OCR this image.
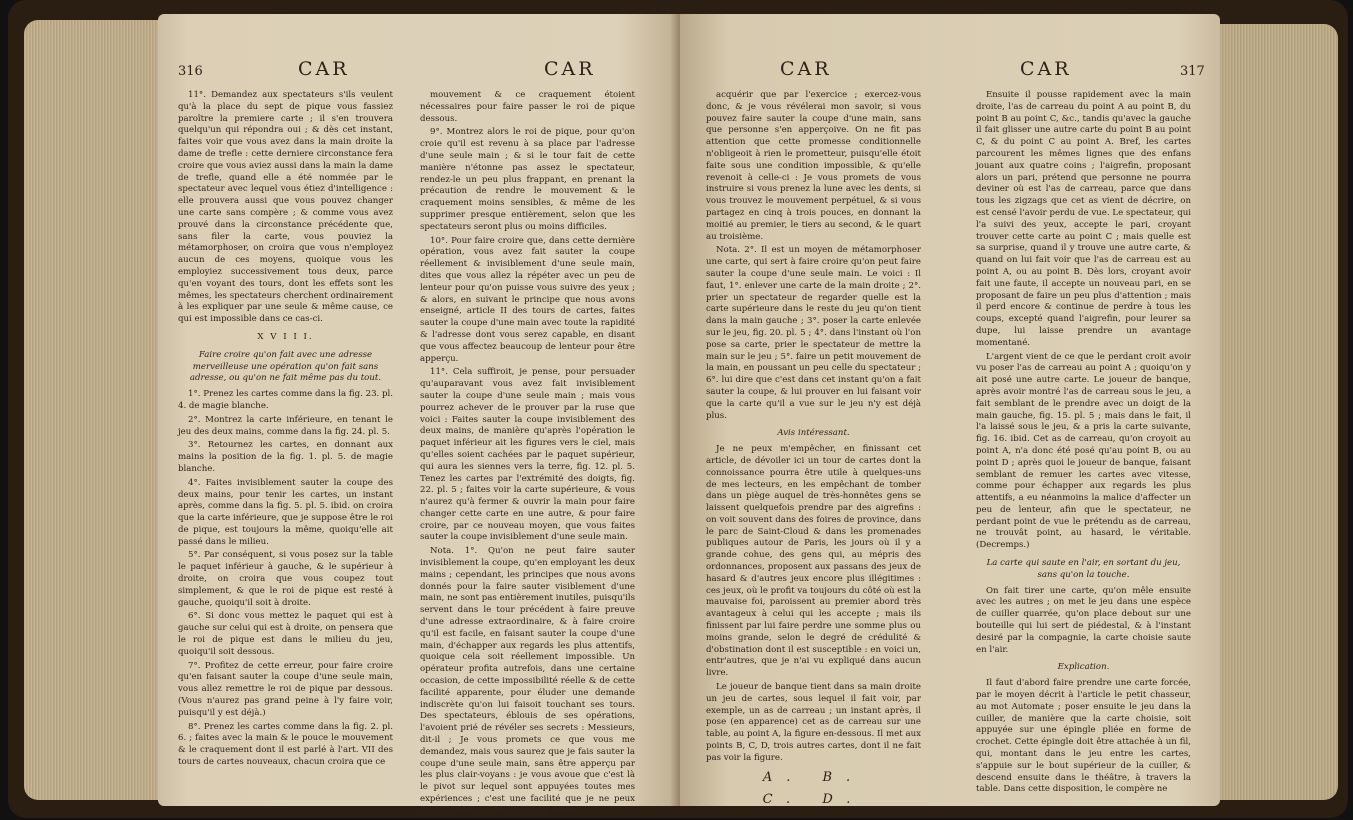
316	CAR	CAR

11°. Demandez aux spectateurs s'ils veulent qu'à la place du sept de pique vous fassiez paroître la premiere carte ; il s'en trouvera quelqu'un qui répondra oui ; & dès cet instant, faites voir que vous avez dans la main droite la dame de trefle : cette derniere circonstance fera croire que vous aviez aussi dans la main la dame de trefle, quand elle a été nommée par le spectateur avec lequel vous étiez d'intelligence : elle prouvera aussi que vous pouvez changer une carte sans compère ; & comme vous avez prouvé dans la circonstance précédente que, sans filer la carte, vous pouviez la métamorphoser, on croira que vous n'employez aucun de ces moyens, quoique vous les employiez successivement tous deux, parce qu'en voyant des tours, dont les effets sont les mêmes, les spectateurs cherchent ordinairement à les expliquer par une seule & même cause, ce qui est impossible dans ce cas-ci.

X V I I I.

Faire croire qu'on fait avec une adresse merveilleuse une opération qu'on fait sans adresse, ou qu'on ne fait même pas du tout.

1°. Prenez les cartes comme dans la fig. 23. pl. 4. de magie blanche.

2°. Montrez la carte inférieure, en tenant le jeu des deux mains, comme dans la fig. 24. pl. 5.

3°. Retournez les cartes, en donnant aux mains la position de la fig. 1. pl. 5. de magie blanche.

4°. Faites invisiblement sauter la coupe des deux mains, pour tenir les cartes, un instant après, comme dans la fig. 5. pl. 5. ibid. on croira que la carte inférieure, que je suppose être le roi de pique, est toujours la même, quoiqu'elle ait passé dans le milieu.

5°. Par conséquent, si vous posez sur la table le paquet inférieur à gauche, & le supérieur à droite, on croira que vous coupez tout simplement, & que le roi de pique est resté à gauche, quoiqu'il soit à droite.

6°. Si donc vous mettez le paquet qui est à gauche sur celui qui est à droite, on pensera que le roi de pique est dans le milieu du jeu, quoiqu'il soit dessous.

7°. Profitez de cette erreur, pour faire croire qu'en faisant sauter la coupe d'une seule main, vous allez remettre le roi de pique par dessous. (Vous n'aurez pas grand peine à l'y faire voir, puisqu'il y est déjà.)

8°. Prenez les cartes comme dans la fig. 2. pl. 6. ; faites avec la main & le pouce le mouvement & le craquement dont il est parlé à l'art. VII des tours de cartes nouveaux, chacun croira que ce

mouvement & ce craquement étoient nécessaires pour faire passer le roi de pique dessous.

9°. Montrez alors le roi de pique, pour qu'on croie qu'il est revenu à sa place par l'adresse d'une seule main ; & si le tour fait de cette manière n'étonne pas assez le spectateur, rendez-le un peu plus frappant, en prenant la précaution de rendre le mouvement & le craquement moins sensibles, & même de les supprimer presque entièrement, selon que les spectateurs seront plus ou moins difficiles.

10°. Pour faire croire que, dans cette dernière opération, vous avez fait sauter la coupe réellement & invisiblement d'une seule main, dites que vous allez la répéter avec un peu de lenteur pour qu'on puisse vous suivre des yeux ; & alors, en suivant le principe que nous avons enseigné, article II des tours de cartes, faites sauter la coupe d'une main avec toute la rapidité & l'adresse dont vous serez capable, en disant que vous affectez beaucoup de lenteur pour être apperçu.

11°. Cela suffiroit, je pense, pour persuader qu'auparavant vous avez fait invisiblement sauter la coupe d'une seule main ; mais vous pourrez achever de le prouver par la ruse que voici : Faites sauter la coupe invisiblement des deux mains, de manière qu'après l'opération le paquet inférieur ait les figures vers le ciel, mais qu'elles soient cachées par le paquet supérieur, qui aura les siennes vers la terre, fig. 12. pl. 5. Tenez les cartes par l'extrémité des doigts, fig. 22. pl. 5 ; faites voir la carte supérieure, & vous n'aurez qu'à fermer & ouvrir la main pour faire changer cette carte en une autre, & pour faire croire, par ce nouveau moyen, que vous faites sauter la coupe invisiblement d'une seule main.

Nota. 1°. Qu'on ne peut faire sauter invisiblement la coupe, qu'en employant les deux mains ; cependant, les principes que nous avons donnés pour la faire sauter visiblement d'une main, ne sont pas entièrement inutiles, puisqu'ils servent dans le tour précédent à faire preuve d'une adresse extraordinaire, & à faire croire qu'il est facile, en faisant sauter la coupe d'une main, d'échapper aux regards les plus attentifs, quoique cela soit réellement impossible. Un opérateur profita autrefois, dans une certaine occasion, de cette impossibilité réelle & de cette facilité apparente, pour éluder une demande indiscrète qu'on lui faisoit touchant ses tours. Des spectateurs, éblouis de ses opérations, l'avoient prié de révéler ses secrets : Messieurs, dit-il ; Je vous promets ce que vous me demandez, mais vous saurez que je fais sauter la coupe d'une seule main, sans être apperçu par les plus clair-voyans : je vous avoue que c'est là le pivot sur lequel sont appuyées toutes mes expériences ; c'est une facilité que je ne peux vous donner, & que vous ne pourrez

CAR	CAR	317

acquérir que par l'exercice ; exercez-vous donc, & je vous révélerai mon savoir, si vous pouvez faire sauter la coupe d'une main, sans que personne s'en apperçoive. On ne fit pas attention que cette promesse conditionnelle n'obligeoit à rien le prometteur, puisqu'elle étoit faite sous une condition impossible, & qu'elle revenoit à celle-ci : Je vous promets de vous instruire si vous prenez la lune avec les dents, si vous trouvez le mouvement perpétuel, & si vous partagez en cinq à trois pouces, en donnant la moitié au premier, le tiers au second, & le quart au troisième.

Nota. 2°. Il est un moyen de métamorphoser une carte, qui sert à faire croire qu'on peut faire sauter la coupe d'une seule main. Le voici : Il faut, 1°. enlever une carte de la main droite ; 2°. prier un spectateur de regarder quelle est la carte supérieure dans le reste du jeu qu'on tient dans la main gauche ; 3°. poser la carte enlevée sur le jeu, fig. 20. pl. 5 ; 4°. dans l'instant où l'on pose sa carte, prier le spectateur de mettre la main sur le jeu ; 5°. faire un petit mouvement de la main, en poussant un peu celle du spectateur ; 6°. lui dire que c'est dans cet instant qu'on a fait sauter la coupe, & lui prouver en lui faisant voir que la carte qu'il a vue sur le jeu n'y est déjà plus.

Avis intéressant.

Je ne peux m'empêcher, en finissant cet article, de dévoiler ici un tour de cartes dont la connoissance pourra être utile à quelques-uns de mes lecteurs, en les empêchant de tomber dans un piège auquel de très-honnêtes gens se laissent quelquefois prendre par des aigrefins : on voit souvent dans des foires de province, dans le parc de Saint-Cloud & dans les promenades publiques autour de Paris, les jours où il y a grande cohue, des gens qui, au mépris des ordonnances, proposent aux passans des jeux de hasard & d'autres jeux encore plus illégitimes : ces jeux, où le profit va toujours du côté où est la mauvaise foi, paroissent au premier abord très avantageux à celui qui les accepte ; mais ils finissent par lui faire perdre une somme plus ou moins grande, selon le degré de crédulité & d'obstination dont il est susceptible : en voici un, entr'autres, que je n'ai vu expliqué dans aucun livre.

Le joueur de banque tient dans sa main droite un jeu de cartes, sous lequel il fait voir, par exemple, un as de carreau ; un instant après, il pose (en apparence) cet as de carreau sur une table, au point A, la figure en-dessous. Il met aux points B, C, D, trois autres cartes, dont il ne fait pas voir la figure.

A. B.
C. D.

Ensuite il pousse rapidement avec la main droite, l'as de carreau du point A au point B, du point B au point C, &c., tandis qu'avec la gauche il fait glisser une autre carte du point B au point C, & du point C au point A. Bref, les cartes parcourent les mêmes lignes que des enfans jouant aux quatre coins ; l'aigrefin, proposant alors un pari, prétend que personne ne pourra deviner où est l'as de carreau, parce que dans tous les zigzags que cet as vient de décrire, on est censé l'avoir perdu de vue. Le spectateur, qui l'a suivi des yeux, accepte le pari, croyant trouver cette carte au point C ; mais quelle est sa surprise, quand il y trouve une autre carte, & quand on lui fait voir que l'as de carreau est au point A, ou au point B. Dès lors, croyant avoir fait une faute, il accepte un nouveau pari, en se proposant de faire un peu plus d'attention ; mais il perd encore & continue de perdre à tous les coups, excepté quand l'aigrefin, pour leurer sa dupe, lui laisse prendre un avantage momentané.

L'argent vient de ce que le perdant croit avoir vu poser l'as de carreau au point A ; quoiqu'on y ait posé une autre carte. Le joueur de banque, après avoir montré l'as de carreau sous le jeu, a fait semblant de le prendre avec un doigt de la main gauche, fig. 15. pl. 5 ; mais dans le fait, il l'a laissé sous le jeu, & a pris la carte suivante, fig. 16. ibid. Cet as de carreau, qu'on croyoit au point A, n'a donc été posé qu'au point B, ou au point D ; après quoi le joueur de banque, faisant semblant de remuer les cartes avec vitesse, comme pour échapper aux regards les plus attentifs, a eu néanmoins la malice d'affecter un peu de lenteur, afin que le spectateur, ne perdant point de vue le prétendu as de carreau, ne trouvât point, au hasard, le véritable. (Decremps.)

La carte qui saute en l'air, en sortant du jeu, sans qu'on la touche.

On fait tirer une carte, qu'on mêle ensuite avec les autres ; on met le jeu dans une espèce de cuiller quarrée, qu'on place debout sur une bouteille qui lui sert de piédestal, & à l'instant desiré par la compagnie, la carte choisie saute en l'air.

Explication.

Il faut d'abord faire prendre une carte forcée, par le moyen décrit à l'article le petit chasseur, au mot Automate ; poser ensuite le jeu dans la cuiller, de manière que la carte choisie, soit appuyée sur une épingle pliée en forme de crochet. Cette épingle doit être attachée à un fil, qui, montant dans le jeu entre les cartes, s'appuie sur le bout supérieur de la cuiller, & descend ensuite dans le théâtre, à travers la table. Dans cette disposition, le compère ne
